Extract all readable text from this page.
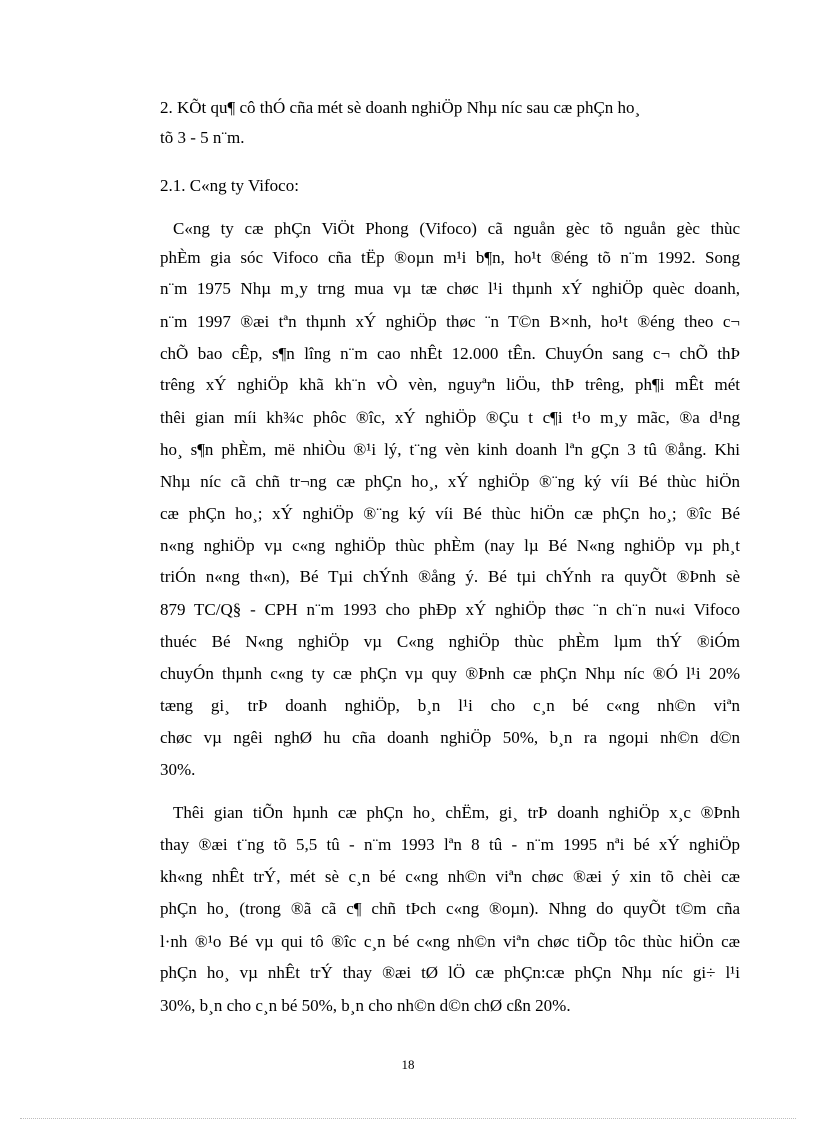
2. KÕt qu¶ cô thÓ cña mét sè doanh nghiÖp Nhµ níc sau cæ phÇn ho¸
tõ 3 - 5 n¨m.
2.1. C«ng ty Vifoco:
C«ng ty cæ phÇn ViÖt Phong (Vifoco) cã nguån gèc tõ nguån gèc thùc
phÈm gia sóc Vifoco cña tËp ®oµn m¹i b¶n, ho¹t ®éng tõ n¨m 1992. Song
n¨m 1975 Nhµ m¸y trng mua vµ tæ chøc l¹i thµnh xÝ nghiÖp quèc doanh,
n¨m 1997 ®æi tªn thµnh xÝ nghiÖp thøc ¨n T©n B×nh, ho¹t ®éng theo c¬
chÕ bao cÊp, s¶n lîng n¨m cao nhÊt 12.000 tÊn. ChuyÓn sang c¬ chÕ thÞ
trêng xÝ nghiÖp khã kh¨n vÒ vèn, nguyªn liÖu, thÞ trêng, ph¶i mÊt mét
thêi gian míi kh¾c phôc ®îc, xÝ nghiÖp ®Çu t c¶i t¹o m¸y mãc, ®a d¹ng
ho¸ s¶n phÈm, më nhiÒu ®¹i lý, t¨ng vèn kinh doanh lªn gÇn 3 tû ®ång. Khi
Nhµ níc cã chñ tr¬ng cæ phÇn ho¸, xÝ nghiÖp ®¨ng ký víi Bé thùc hiÖn
cæ phÇn ho¸; xÝ nghiÖp ®¨ng ký víi Bé thùc hiÖn cæ phÇn ho¸; ®îc Bé
n«ng nghiÖp vµ c«ng nghiÖp thùc phÈm (nay lµ Bé N«ng nghiÖp vµ ph¸t
triÓn n«ng th«n), Bé Tµi chÝnh ®ång ý. Bé tµi chÝnh ra quyÕt ®Þnh sè
879 TC/Q§ - CPH n¨m 1993 cho phÐp xÝ nghiÖp thøc ¨n ch¨n nu«i Vifoco
thuéc Bé N«ng nghiÖp vµ C«ng nghiÖp thùc phÈm lµm thÝ ®iÓm
chuyÓn thµnh c«ng ty cæ phÇn vµ quy ®Þnh cæ phÇn Nhµ níc ®Ó l¹i 20%
tæng gi¸ trÞ doanh nghiÖp, b¸n l¹i cho c¸n bé c«ng nh©n viªn
chøc vµ ngêi nghØ hu cña doanh nghiÖp 50%, b¸n ra ngoµi nh©n d©n
30%.
Thêi gian tiÕn hµnh cæ phÇn ho¸ chËm, gi¸ trÞ doanh nghiÖp x¸c ®Þnh
thay ®æi t¨ng tõ 5,5 tû - n¨m 1993 lªn 8 tû - n¨m 1995 nªi bé xÝ nghiÖp
kh«ng nhÊt trÝ, mét sè c¸n bé c«ng nh©n viªn chøc ®æi ý xin tõ chèi cæ
phÇn ho¸ (trong ®ã cã c¶ chñ tÞch c«ng ®oµn). Nhng do quyÕt t©m cña
l·nh ®¹o Bé vµ qui tô ®îc c¸n bé c«ng nh©n viªn chøc tiÕp tôc thùc hiÖn cæ
phÇn ho¸ vµ nhÊt trÝ thay ®æi tØ lÖ cæ phÇn:cæ phÇn Nhµ níc gi÷ l¹i
30%, b¸n cho c¸n bé 50%, b¸n cho nh©n d©n chØ cßn 20%.
18
